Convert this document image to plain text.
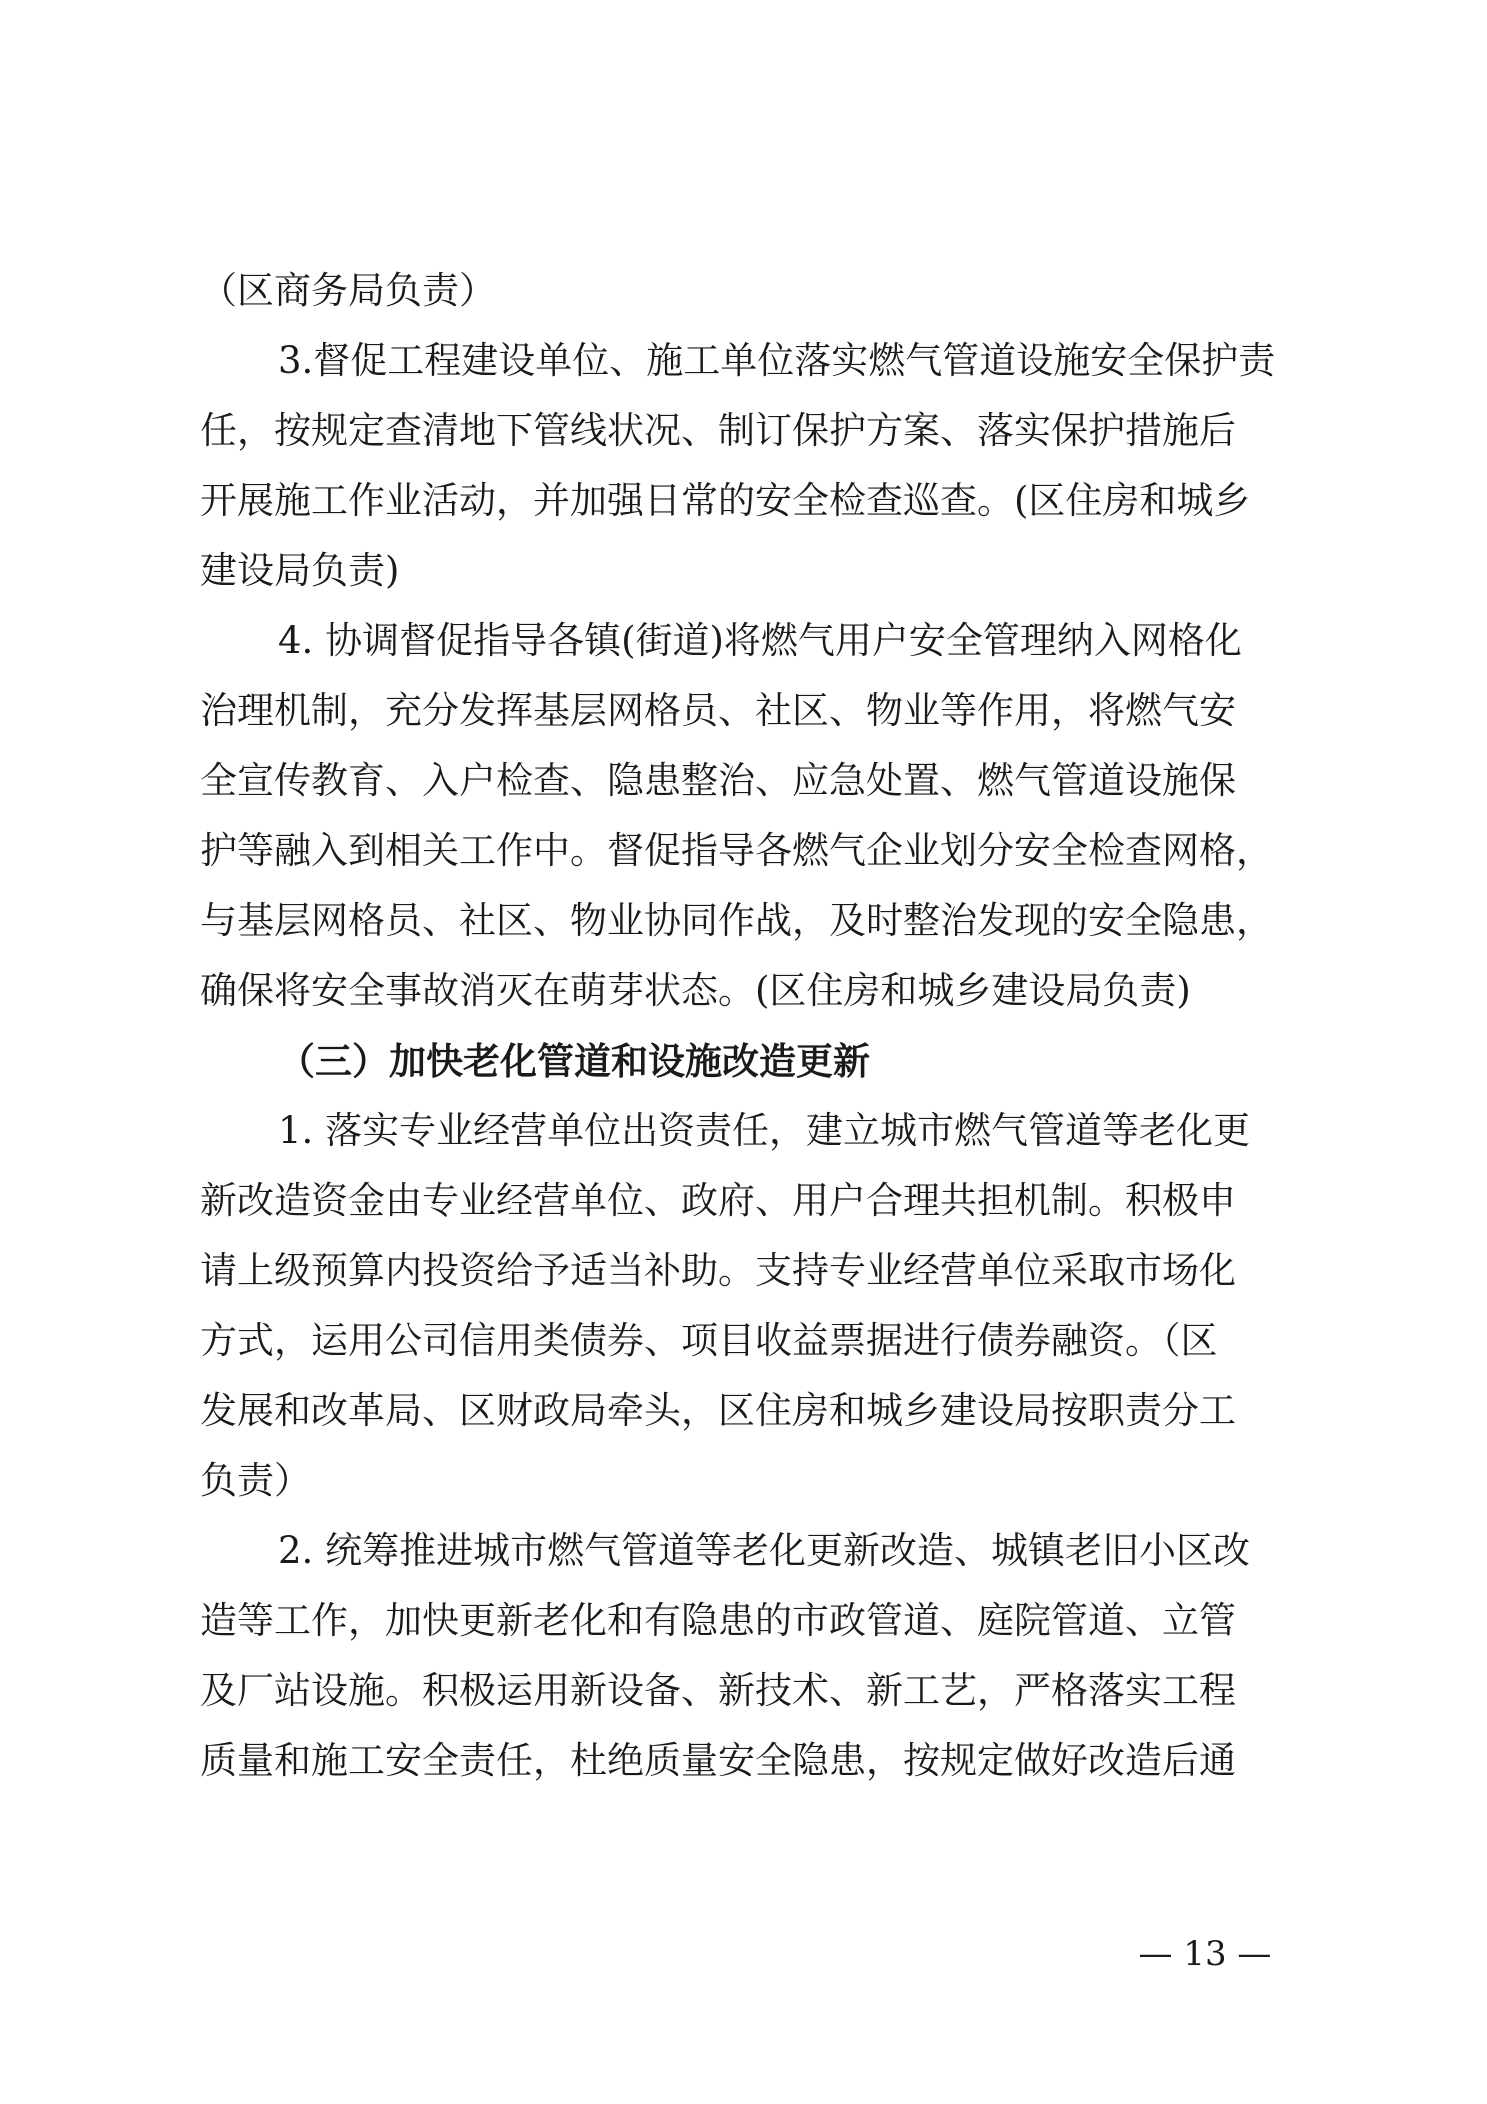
（区商务局负责）
3.督促工程建设单位、施工单位落实燃气管道设施安全保护责
任，按规定查清地下管线状况、制订保护方案、落实保护措施后
开展施工作业活动，并加强日常的安全检查巡查。(区住房和城乡
建设局负责)
4. 协调督促指导各镇(街道)将燃气用户安全管理纳入网格化
治理机制，充分发挥基层网格员、社区、物业等作用，将燃气安
全宣传教育、入户检查、隐患整治、应急处置、燃气管道设施保
护等融入到相关工作中。督促指导各燃气企业划分安全检查网格，
与基层网格员、社区、物业协同作战，及时整治发现的安全隐患，
确保将安全事故消灭在萌芽状态。(区住房和城乡建设局负责)
（三）加快老化管道和设施改造更新
1. 落实专业经营单位出资责任，建立城市燃气管道等老化更
新改造资金由专业经营单位、政府、用户合理共担机制。积极申
请上级预算内投资给予适当补助。支持专业经营单位采取市场化
方式，运用公司信用类债券、项目收益票据进行债券融资。（区
发展和改革局、区财政局牵头，区住房和城乡建设局按职责分工
负责）
2. 统筹推进城市燃气管道等老化更新改造、城镇老旧小区改
造等工作，加快更新老化和有隐患的市政管道、庭院管道、立管
及厂站设施。积极运用新设备、新技术、新工艺，严格落实工程
质量和施工安全责任，杜绝质量安全隐患，按规定做好改造后通
— 13 —
